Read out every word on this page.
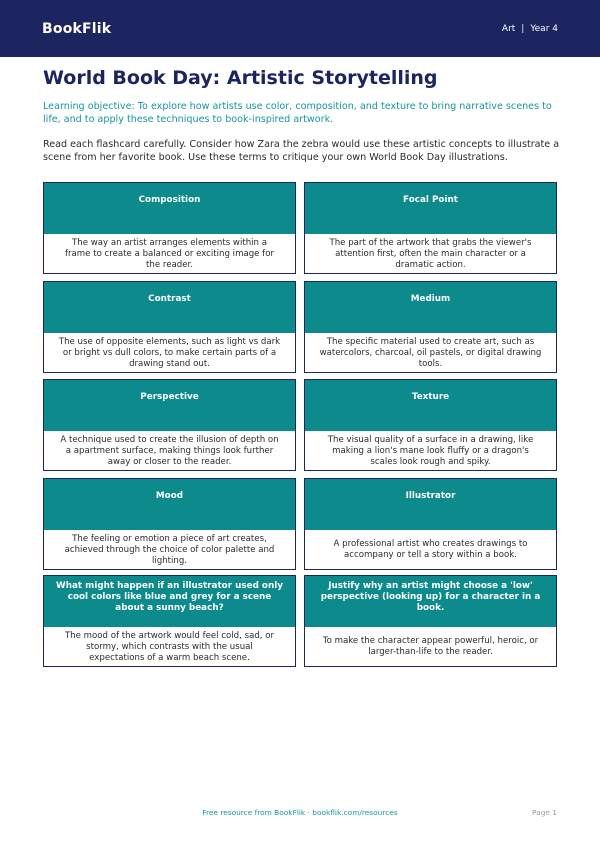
BookFlik	Art | Year 4
World Book Day: Artistic Storytelling

Learning objective: To explore how artists use color, composition, and texture to bring narrative scenes to life, and to apply these techniques to book-inspired artwork.

Read each flashcard carefully. Consider how Zara the zebra would use these artistic concepts to illustrate a scene from her favorite book. Use these terms to critique your own World Book Day illustrations.

Composition
The way an artist arranges elements within a frame to create a balanced or exciting image for the reader.
Focal Point
The part of the artwork that grabs the viewer's attention first, often the main character or a dramatic action.
Contrast
The use of opposite elements, such as light vs dark or bright vs dull colors, to make certain parts of a drawing stand out.
Medium
The specific material used to create art, such as watercolors, charcoal, oil pastels, or digital drawing tools.
Perspective
A technique used to create the illusion of depth on a apartment surface, making things look further away or closer to the reader.
Texture
The visual quality of a surface in a drawing, like making a lion's mane look fluffy or a dragon's scales look rough and spiky.
Mood
The feeling or emotion a piece of art creates, achieved through the choice of color palette and lighting.
Illustrator
A professional artist who creates drawings to accompany or tell a story within a book.
What might happen if an illustrator used only cool colors like blue and grey for a scene about a sunny beach?
The mood of the artwork would feel cold, sad, or stormy, which contrasts with the usual expectations of a warm beach scene.
Justify why an artist might choose a 'low' perspective (looking up) for a character in a book.
To make the character appear powerful, heroic, or larger-than-life to the reader.
Free resource from BookFlik · bookflik.com/resources	Page 1
